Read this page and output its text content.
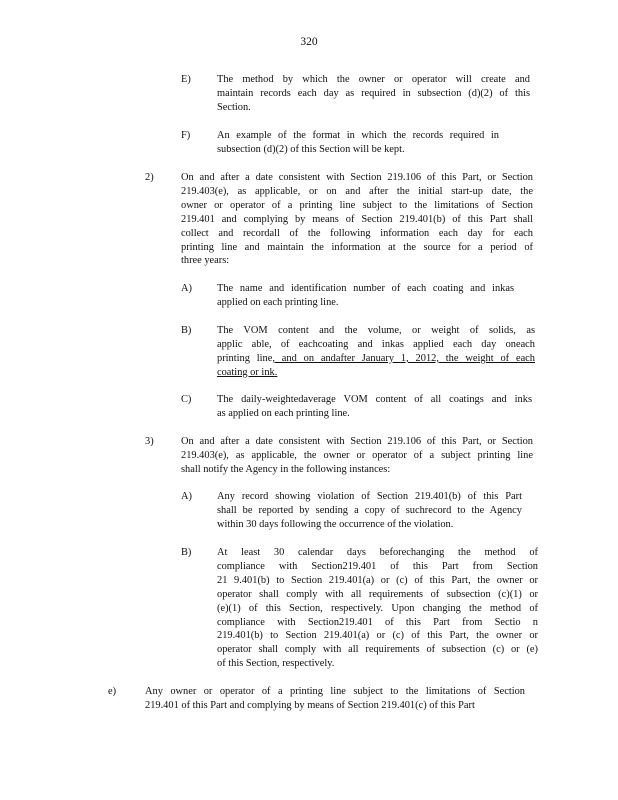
320
E)	The method by which the owner or operator will create and
maintain records each day as required in subsection (d)(2) of this
Section.
F)	An example of the format in which the records required in
subsection (d)(2) of this Section will be kept.
2)	On and after a date consistent with Section 219.106 of this Part, or Section
219.403(e), as applicable, or on and after the initial start-up date, the
owner or operator of a printing line subject to the limitations of Section
219.401 and complying by means of Section 219.401(b) of this Part shall
collect and recordall of the following information each day for each
printing line and maintain the information at the source for a period of
three years:
A) The name and identification number of each coating and inkas
applied on each printing line.
B) The VOM content and the volume, or weight of solids, as
applic able, of eachcoating and inkas applied each day oneach
printing line, and on andafter January 1, 2012, the weight of each
coating or ink.
C) The daily-weightedaverage VOM content of all coatings and inks
as applied on each printing line.
3)	On and after a date consistent with Section 219.106 of this Part, or Section
219.403(e), as applicable, the owner or operator of a subject printing line
shall notify the Agency in the following instances:
A) Any record showing violation of Section 219.401(b) of this Part
shall be reported by sending a copy of suchrecord to the Agency
within 30 days following the occurrence of the violation.
B) At least 30 calendar days beforechanging the method of
compliance with Section219.401 of this Part from Section
21 9.401(b) to Section 219.401(a) or (c) of this Part, the owner or
operator shall comply with all requirements of subsection (c)(1) or
(e)(1) of this Section, respectively. Upon changing the method of
compliance with Section219.401 of this Part from Sectio n
219.401(b) to Section 219.401(a) or (c) of this Part, the owner or
operator shall comply with all requirements of subsection (c) or (e)
of this Section, respectively.
e)	Any owner or operator of a printing line subject to the limitations of Section
219.401 of this Part and complying by means of Section 219.401(c) of this Part
